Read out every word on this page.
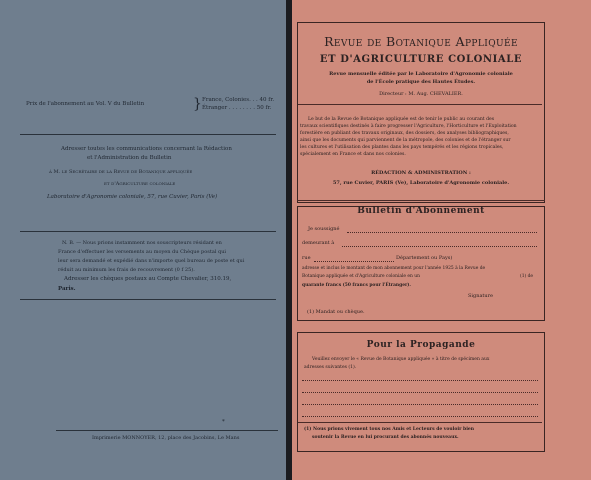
Prix de l'abonnement au Vol. V du Bulletin	} France, Colonies. . . 40 fr.

Étranger . . . . . . . . 50 fr.

Adresser toutes les communications concernant la Rédaction

et l'Administration du Bulletin

à M. le Secrétaire de la Revue de Botanique appliquée

et d'Agriculture coloniale

Laboratoire d'Agronomie coloniale, 57, rue Cuvier, Paris (Ve)

N. B. — Nous prions instamment nos souscripteurs résidant en

France d'effectuer les versements au moyen du Chèque postal qui

leur sera demandé et expédié dans n'importe quel bureau de poste et qui

réduit au minimum les frais de recouvrement (0 f 25).

Adresser les chèques postaux au Compte Chevalier, 310.19,

Paris.

*

Imprimerie MONNOYER, 12, place des Jacobins, Le Mans

Revue de Botanique Appliquée

ET D'AGRICULTURE COLONIALE

Revue mensuelle éditée par le Laboratoire d'Agronomie coloniale

de l'École pratique des Hautes Études.

Directeur : M. Aug. CHEVALIER.

Le but de la Revue de Botanique appliquée est de tenir le public au courant des

travaux scientifiques destinés à faire progresser l'Agriculture, l'Horticulture et l'Exploitation

forestière en publiant des travaux originaux, des dossiers, des analyses bibliographiques,

ainsi que les documents qui parviennent de la métropole, des colonies et de l'étranger sur

les cultures et l'utilisation des plantes dans les pays tempérés et les régions tropicales,

spécialement en France et dans nos colonies.

RÉDACTION & ADMINISTRATION :

57, rue Cuvier, PARIS (Ve), Laboratoire d'Agronomie coloniale.

Bulletin d'Abonnement

Je soussigné

demeurant à

rue	Département ou Pays)

adresse et inclus le montant de mon abonnement pour l'année 1925 à la Revue de

Botanique appliquée et d'Agriculture coloniale en un	(1) de

quarante francs (50 francs pour l'Étranger).

Signature

(1) Mandat ou chèque.

Pour la Propagande

Veuillez envoyer le « Revue de Botanique appliquée » à titre de spécimen aux

adresses suivantes (1).

(1) Nous prions vivement tous nos Amis et Lecteurs de vouloir bien

soutenir la Revue en lui procurant des abonnés nouveaux.
